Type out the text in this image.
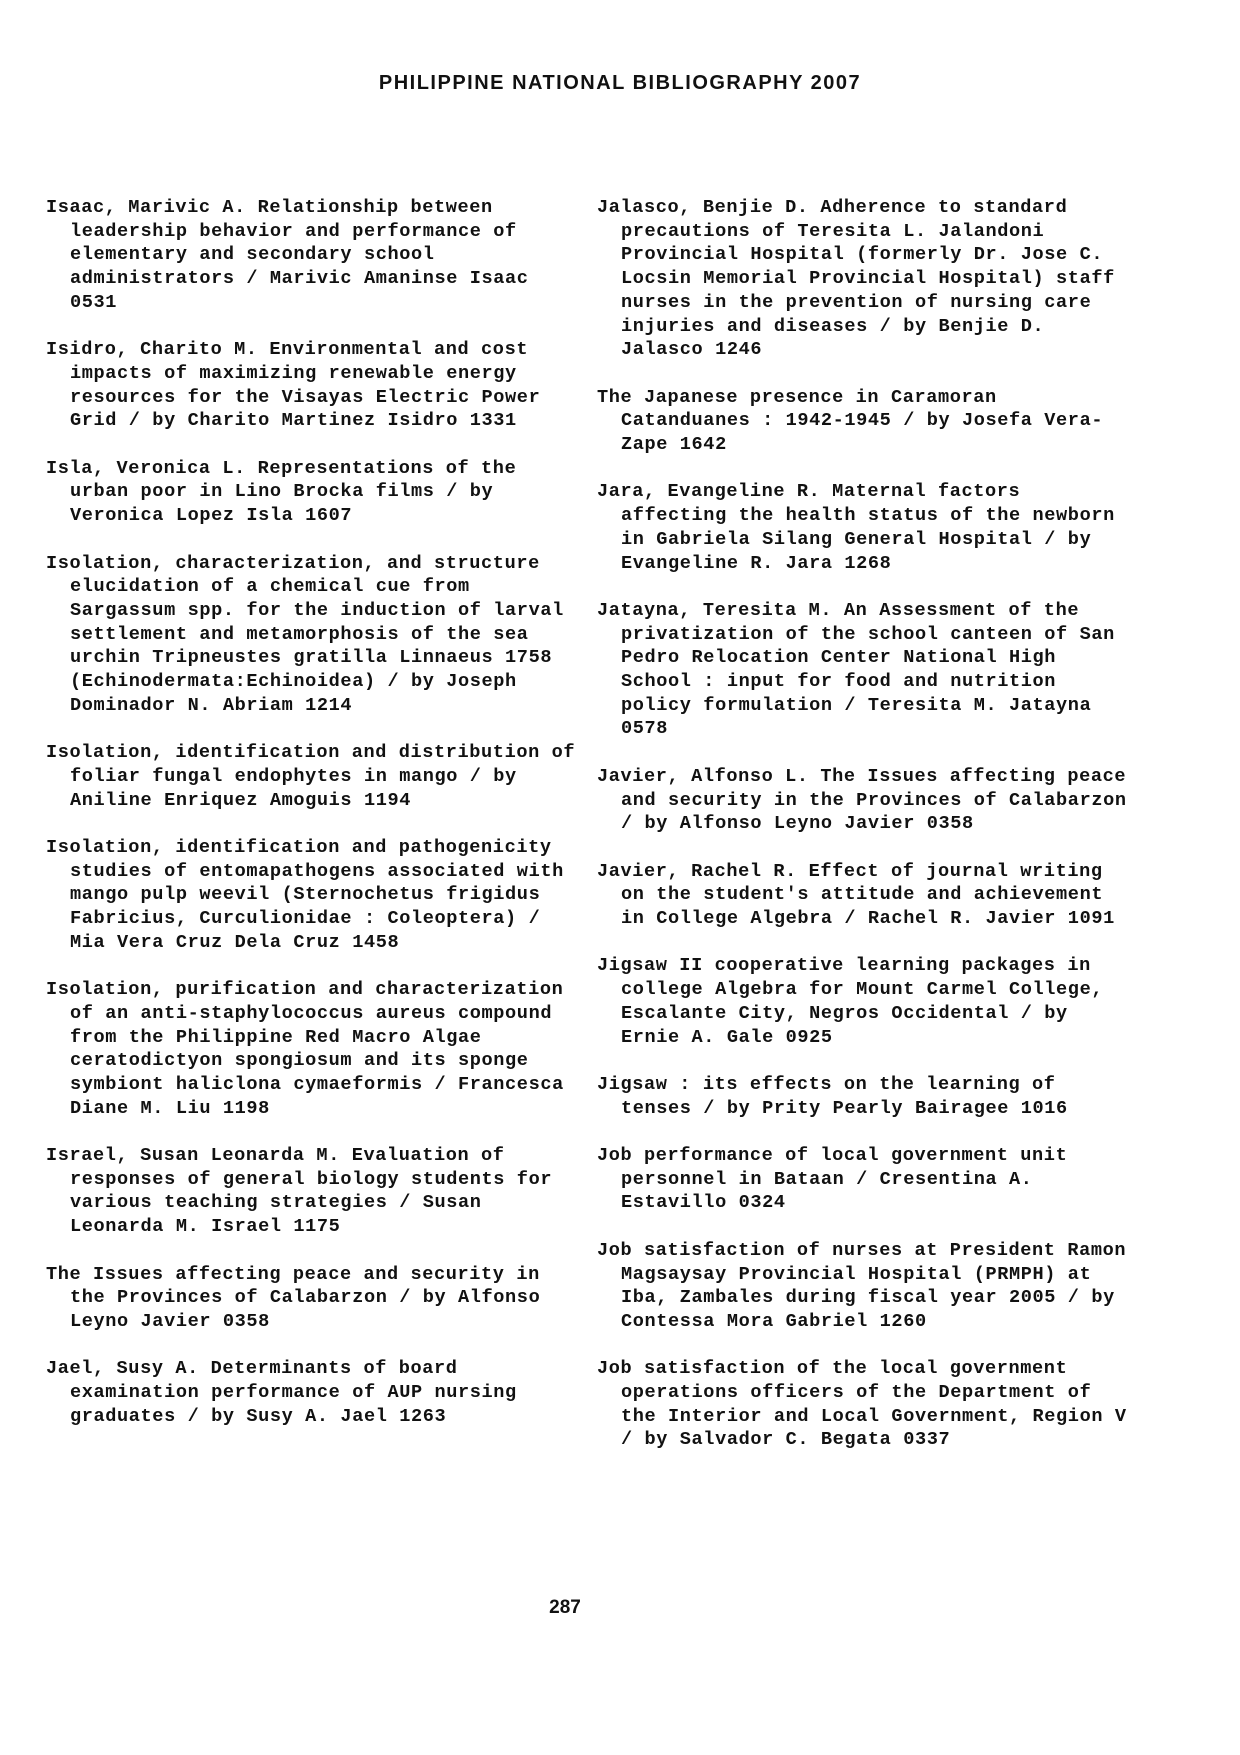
PHILIPPINE NATIONAL BIBLIOGRAPHY 2007

Isaac, Marivic A. Relationship between leadership behavior and performance of elementary and secondary school administrators / Marivic Amaninse Isaac 0531

Isidro, Charito M. Environmental and cost impacts of maximizing renewable energy resources for the Visayas Electric Power Grid / by Charito Martinez Isidro 1331

Isla, Veronica L. Representations of the urban poor in Lino Brocka films / by Veronica Lopez Isla 1607

Isolation, characterization, and structure elucidation of a chemical cue from Sargassum spp. for the induction of larval settlement and metamorphosis of the sea urchin Tripneustes gratilla Linnaeus 1758 (Echinodermata:Echinoidea) / by Joseph Dominador N. Abriam 1214

Isolation, identification and distribution of foliar fungal endophytes in mango / by Aniline Enriquez Amoguis 1194

Isolation, identification and pathogenicity studies of entomapathogens associated with mango pulp weevil (Sternochetus frigidus Fabricius, Curculionidae : Coleoptera) / Mia Vera Cruz Dela Cruz 1458

Isolation, purification and characterization of an anti-staphylococcus aureus compound from the Philippine Red Macro Algae ceratodictyon spongiosum and its sponge symbiont haliclona cymaeformis / Francesca Diane M. Liu 1198

Israel, Susan Leonarda M. Evaluation of responses of general biology students for various teaching strategies / Susan Leonarda M. Israel 1175

The Issues affecting peace and security in the Provinces of Calabarzon / by Alfonso Leyno Javier 0358

Jael, Susy A. Determinants of board examination performance of AUP nursing graduates / by Susy A. Jael 1263

Jalasco, Benjie D. Adherence to standard precautions of Teresita L. Jalandoni Provincial Hospital (formerly Dr. Jose C. Locsin Memorial Provincial Hospital) staff nurses in the prevention of nursing care injuries and diseases / by Benjie D. Jalasco 1246

The Japanese presence in Caramoran Catanduanes : 1942-1945 / by Josefa Vera-Zape 1642

Jara, Evangeline R. Maternal factors affecting the health status of the newborn in Gabriela Silang General Hospital / by Evangeline R. Jara 1268

Jatayna, Teresita M. An Assessment of the privatization of the school canteen of San Pedro Relocation Center National High School : input for food and nutrition policy formulation / Teresita M. Jatayna 0578

Javier, Alfonso L. The Issues affecting peace and security in the Provinces of Calabarzon / by Alfonso Leyno Javier 0358

Javier, Rachel R. Effect of journal writing on the student's attitude and achievement in College Algebra / Rachel R. Javier 1091

Jigsaw II cooperative learning packages in college Algebra for Mount Carmel College, Escalante City, Negros Occidental / by Ernie A. Gale 0925

Jigsaw : its effects on the learning of tenses / by Prity Pearly Bairagee 1016

Job performance of local government unit personnel in Bataan / Cresentina A. Estavillo 0324

Job satisfaction of nurses at President Ramon Magsaysay Provincial Hospital (PRMPH) at Iba, Zambales during fiscal year 2005 / by Contessa Mora Gabriel 1260

Job satisfaction of the local government operations officers of the Department of the Interior and Local Government, Region V / by Salvador C. Begata 0337

287
